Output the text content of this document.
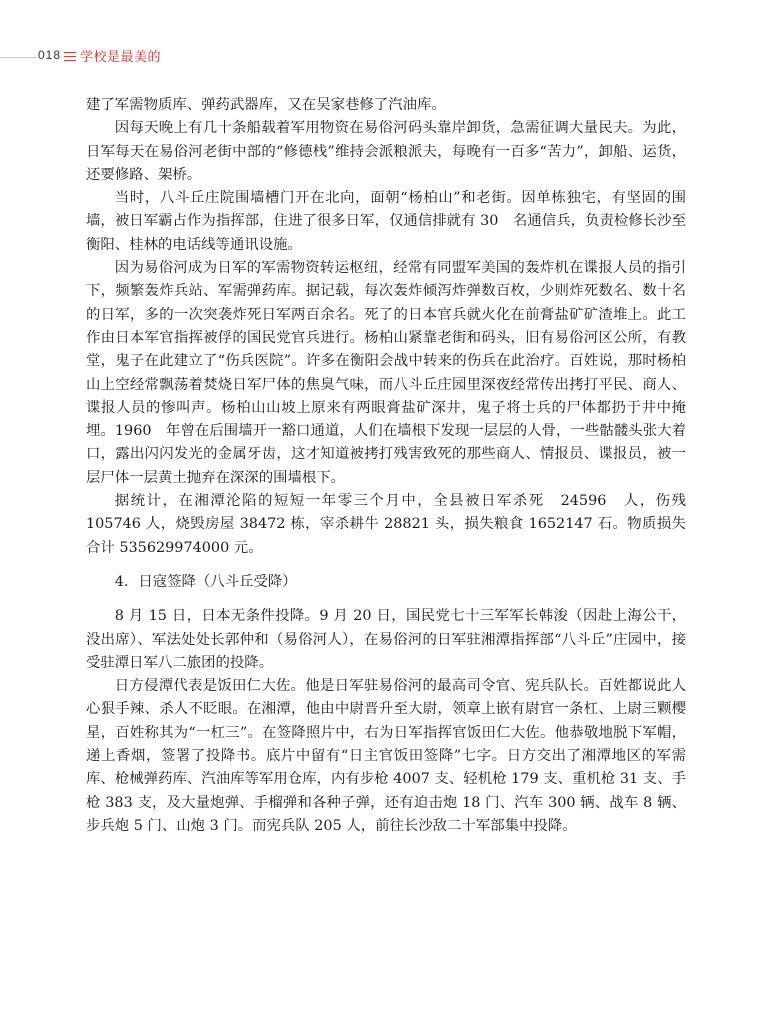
018 学校是最美的

建了军需物质库、弹药武器库，又在吴家巷修了汽油库。

因每天晚上有几十条船载着军用物资在易俗河码头靠岸卸货，急需征调大量民夫。为此，日军每天在易俗河老街中部的“修德栈”维持会派粮派夫，每晚有一百多“苦力”，卸船、运货，还要修路、架桥。

当时，八斗丘庄院围墙槽门开在北向，面朝“杨柏山”和老街。因单栋独宅，有坚固的围墙，被日军霸占作为指挥部，住进了很多日军，仅通信排就有 30　名通信兵，负责检修长沙至衡阳、桂林的电话线等通讯设施。

因为易俗河成为日军的军需物资转运枢纽，经常有同盟军美国的轰炸机在谍报人员的指引下，频繁轰炸兵站、军需弹药库。据记载，每次轰炸倾泻炸弹数百枚，少则炸死数名、数十名的日军，多的一次突袭炸死日军两百余名。死了的日本官兵就火化在前膏盐矿矿渣堆上。此工作由日本军官指挥被俘的国民党官兵进行。杨柏山紧靠老街和码头，旧有易俗河区公所，有教堂，鬼子在此建立了“伤兵医院”。许多在衡阳会战中转来的伤兵在此治疗。百姓说，那时杨柏山上空经常飘荡着焚烧日军尸体的焦臭气味，而八斗丘庄园里深夜经常传出拷打平民、商人、谍报人员的惨叫声。杨柏山山坡上原来有两眼膏盐矿深井，鬼子将士兵的尸体都扔于井中掩埋。1960　年曾在后围墙开一豁口通道，人们在墙根下发现一层层的人骨，一些骷髅头张大着口，露出闪闪发光的金属牙齿，这才知道被拷打残害致死的那些商人、情报员、谍报员，被一层尸体一层黄土抛弃在深深的围墙根下。

据统计，在湘潭沦陷的短短一年零三个月中，全县被日军杀死　24596　人，伤残　105746 人，烧毁房屋 38472 栋，宰杀耕牛 28821 头，损失粮食 1652147 石。物质损失合计 535629974000 元。

4．日寇签降（八斗丘受降）

8 月 15 日，日本无条件投降。9 月 20 日，国民党七十三军军长韩浚（因赴上海公干，没出席）、军法处处长郭仲和（易俗河人），在易俗河的日军驻湘潭指挥部“八斗丘”庄园中，接受驻潭日军八二旅团的投降。

日方侵潭代表是饭田仁大佐。他是日军驻易俗河的最高司令官、宪兵队长。百姓都说此人心狠手辣、杀人不眨眼。在湘潭，他由中尉晋升至大尉，领章上嵌有尉官一条杠、上尉三颗樱星，百姓称其为“一杠三”。在签降照片中，右为日军指挥官饭田仁大佐。他恭敬地脱下军帽，递上香烟，签署了投降书。底片中留有“日主官饭田签降”七字。日方交出了湘潭地区的军需库、枪械弹药库、汽油库等军用仓库，内有步枪 4007 支、轻机枪 179 支、重机枪 31 支、手枪 383 支，及大量炮弹、手榴弹和各种子弹，还有迫击炮 18 门、汽车 300 辆、战车 8 辆、步兵炮 5 门、山炮 3 门。而宪兵队 205 人，前往长沙敌二十军部集中投降。
